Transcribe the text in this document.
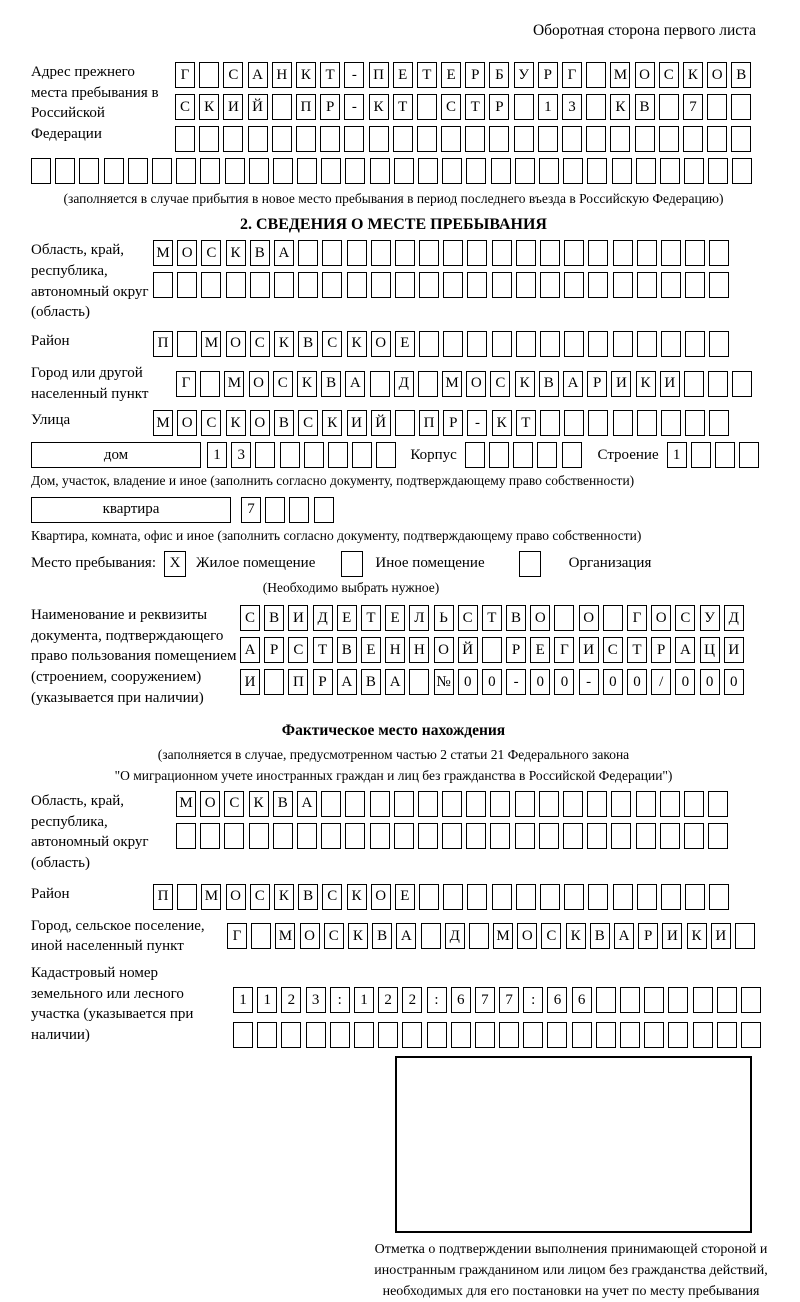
Оборотная сторона первого листа
Адрес прежнего места пребывания в Российской Федерации
Г	С А Н К Т	-	П Е	Т	Е	Р	Б У Р	Г	М О С К О В
С К И Й	П Р	-	К Т	С Т	Р	1	3	К В	7
(заполняется в случае прибытия в новое место пребывания в период последнего въезда в Российскую Федерацию)
2. СВЕДЕНИЯ О МЕСТЕ ПРЕБЫВАНИЯ
Область, край, республика, автономный округ (область)
М О С К В А
Район	П	М О С К В С К О Е
Город или другой населенный пункт
Г	М О С К В А	Д	М О С К В А Р И К И
Улица	М О С К О В С К И Й	П Р	-	К Т
дом	1	3	Корпус	Строение 1
Дом, участок, владение и иное (заполнить согласно документу, подтверждающему право собственности)
квартира	7
Квартира, комната, офис и иное (заполнить согласно документу, подтверждающему право собственности)
Место пребывания: X	Жилое помещение	Иное помещение	Организация
(Необходимо выбрать нужное)
Наименование и реквизиты документа, подтверждающего право пользования помещением (строением, сооружением) (указывается при наличии)
С В И Д Е	Т	Е Л Ь С Т В О	О	Г О С У Д
А Р	С Т В Е Н Н О Й	Р	Е	Г И С Т	Р А Ц И
И	П Р А В А	№ 0	0	-	0	0	-	0	0	/	0	0	0
Фактическое место нахождения
(заполняется в случае, предусмотренном частью 2 статьи 21 Федерального закона
"О миграционном учете иностранных граждан и лиц без гражданства в Российской Федерации")
Область, край, республика, автономный округ (область)
М О С К В А
Район	П	М О С К В С К О Е
Город, сельское поселение, иной населенный пункт
Г	М О С К В А	Д	М О С К В А Р И К И
Кадастровый номер земельного или лесного участка (указывается при наличии)
1	1	2	3	:	1	2	2	:	6	7	7	:	6	6
Отметка о подтверждении выполнения принимающей стороной и иностранным гражданином или лицом без гражданства действий, необходимых для его постановки на учет по месту пребывания
